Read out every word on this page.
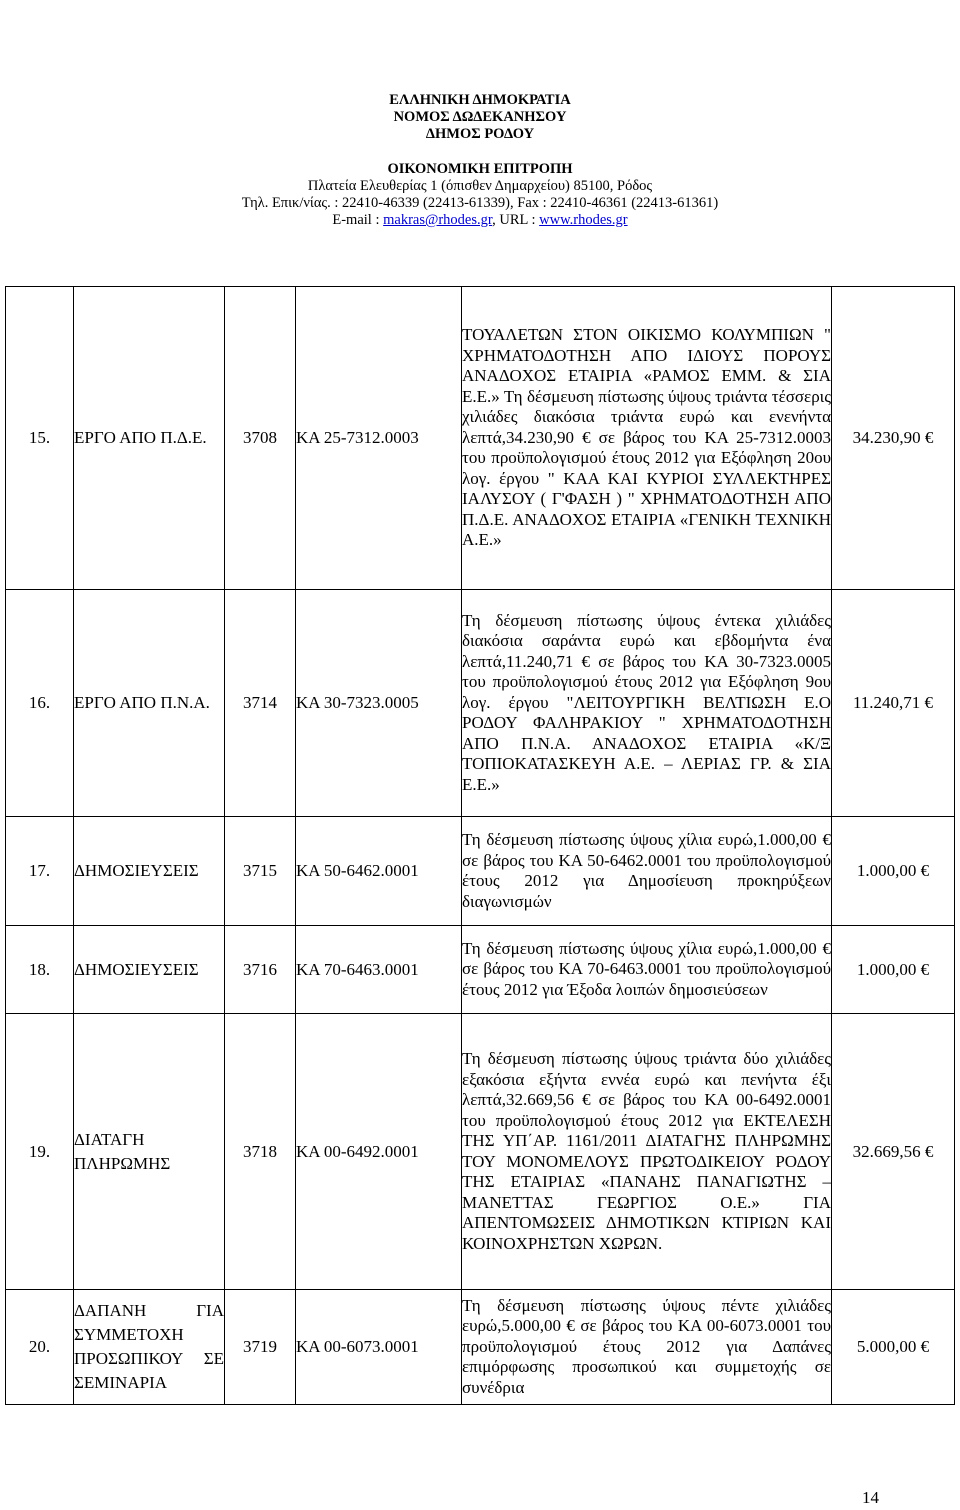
ΕΛΛΗΝΙΚΗ ΔΗΜΟΚΡΑΤΙΑ
ΝΟΜΟΣ ΔΩΔΕΚΑΝΗΣΟΥ
ΔΗΜΟΣ ΡΟΔΟΥ
ΟΙΚΟΝΟΜΙΚΗ ΕΠΙΤΡΟΠΗ
Πλατεία Ελευθερίας 1 (όπισθεν Δημαρχείου) 85100, Ρόδος
Τηλ. Επικ/νίας. : 22410-46339 (22413-61339), Fax : 22410-46361 (22413-61361)
E-mail : makras@rhodes.gr, URL : www.rhodes.gr
15.	ΕΡΓΟ ΑΠΟ Π.Δ.Ε.	3708	ΚΑ 25-7312.0003	ΤΟΥΑΛΕΤΩΝ ΣΤΟΝ ΟΙΚΙΣΜΟ ΚΟΛΥΜΠΙΩΝ " ΧΡΗΜΑΤΟΔΟΤΗΣΗ ΑΠΟ ΙΔΙΟΥΣ ΠΟΡΟΥΣ ΑΝΑΔΟΧΟΣ ΕΤΑΙΡΙΑ «ΡΑΜΟΣ ΕΜΜ. & ΣΙΑ Ε.Ε.» Τη δέσμευση πίστωσης ύψους τριάντα τέσσερις χιλιάδες διακόσια τριάντα ευρώ και ενενήντα λεπτά,34.230,90 € σε βάρος του ΚΑ 25-7312.0003 του προϋπολογισμού έτους 2012 για Εξόφληση 20ου λογ. έργου " ΚΑΑ ΚΑΙ ΚΥΡΙΟΙ ΣΥΛΛΕΚΤΗΡΕΣ ΙΑΛΥΣΟΥ ( Γ'ΦΑΣΗ ) " ΧΡΗΜΑΤΟΔΟΤΗΣΗ ΑΠΟ Π.Δ.Ε. ΑΝΑΔΟΧΟΣ ΕΤΑΙΡΙΑ «ΓΕΝΙΚΗ ΤΕΧΝΙΚΗ Α.Ε.»	34.230,90 €
16.	ΕΡΓΟ ΑΠΟ Π.Ν.Α.	3714	ΚΑ 30-7323.0005	Τη δέσμευση πίστωσης ύψους έντεκα χιλιάδες διακόσια σαράντα ευρώ και εβδομήντα ένα λεπτά,11.240,71 € σε βάρος του ΚΑ 30-7323.0005 του προϋπολογισμού έτους 2012 για Εξόφληση 9ου λογ. έργου "ΛΕΙΤΟΥΡΓΙΚΗ ΒΕΛΤΙΩΣΗ Ε.Ο ΡΟΔΟΥ ΦΑΛΗΡΑΚΙΟΥ " ΧΡΗΜΑΤΟΔΟΤΗΣΗ ΑΠΟ Π.Ν.Α. ΑΝΑΔΟΧΟΣ ΕΤΑΙΡΙΑ «Κ/Ξ ΤΟΠΙΟΚΑΤΑΣΚΕΥΗ Α.Ε. – ΛΕΡΙΑΣ ΓΡ. & ΣΙΑ Ε.Ε.»	11.240,71 €
17.	ΔΗΜΟΣΙΕΥΣΕΙΣ	3715	ΚΑ 50-6462.0001	Τη δέσμευση πίστωσης ύψους χίλια ευρώ,1.000,00 € σε βάρος του ΚΑ 50-6462.0001 του προϋπολογισμού έτους 2012 για Δημοσίευση προκηρύξεων διαγωνισμών	1.000,00 €
18.	ΔΗΜΟΣΙΕΥΣΕΙΣ	3716	ΚΑ 70-6463.0001	Τη δέσμευση πίστωσης ύψους χίλια ευρώ,1.000,00 € σε βάρος του ΚΑ 70-6463.0001 του προϋπολογισμού έτους 2012 για Έξοδα λοιπών δημοσιεύσεων	1.000,00 €
19.	ΔΙΑΤΑΓΗ ΠΛΗΡΩΜΗΣ	3718	ΚΑ 00-6492.0001	Τη δέσμευση πίστωσης ύψους τριάντα δύο χιλιάδες εξακόσια εξήντα εννέα ευρώ και πενήντα έξι λεπτά,32.669,56 € σε βάρος του ΚΑ 00-6492.0001 του προϋπολογισμού έτους 2012 για ΕΚΤΕΛΕΣΗ ΤΗΣ ΥΠ΄ΑΡ. 1161/2011 ΔΙΑΤΑΓΗΣ ΠΛΗΡΩΜΗΣ ΤΟΥ ΜΟΝΟΜΕΛΟΥΣ ΠΡΩΤΟΔΙΚΕΙΟΥ ΡΟΔΟΥ ΤΗΣ ΕΤΑΙΡΙΑΣ «ΠΑΝΑΗΣ ΠΑΝΑΓΙΩΤΗΣ – ΜΑΝΕΤΤΑΣ ΓΕΩΡΓΙΟΣ Ο.Ε.» ΓΙΑ ΑΠΕΝΤΟΜΩΣΕΙΣ ΔΗΜΟΤΙΚΩΝ ΚΤΙΡΙΩΝ ΚΑΙ ΚΟΙΝΟΧΡΗΣΤΩΝ ΧΩΡΩΝ.	32.669,56 €
20.	ΔΑΠΑΝΗ ΓΙΑ ΣΥΜΜΕΤΟΧΗ ΠΡΟΣΩΠΙΚΟΥ ΣΕ ΣΕΜΙΝΑΡΙΑ	3719	ΚΑ 00-6073.0001	Τη δέσμευση πίστωσης ύψους πέντε χιλιάδες ευρώ,5.000,00 € σε βάρος του ΚΑ 00-6073.0001 του προϋπολογισμού έτους 2012 για Δαπάνες επιμόρφωσης προσωπικού και συμμετοχής σε συνέδρια	5.000,00 €
14
